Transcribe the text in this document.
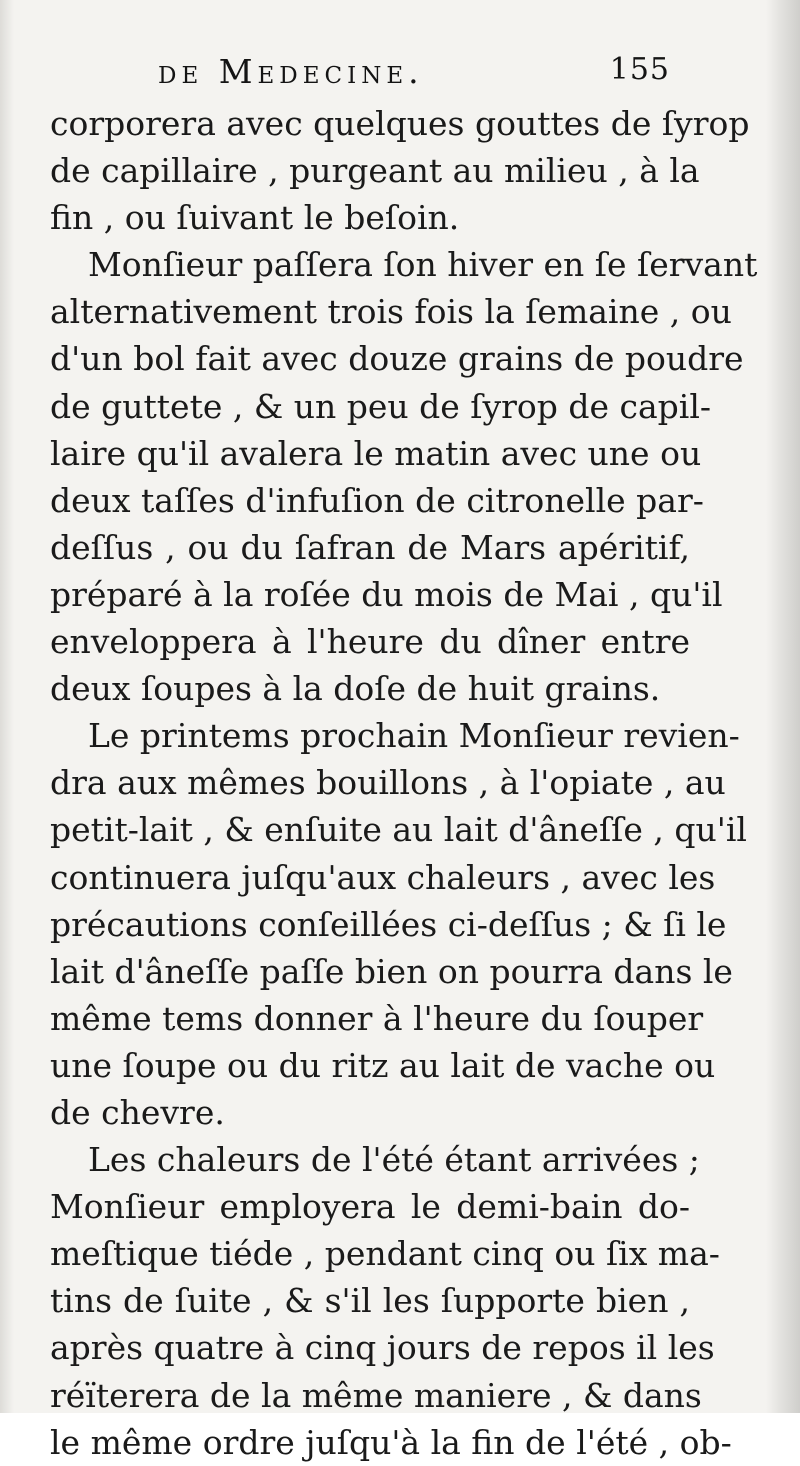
de Medecine.	155
corporera avec quelques gouttes de ſyrop
de capillaire , purgeant au milieu , à la
fin , ou ſuivant le beſoin.
Monſieur paſſera ſon hiver en ſe ſervant
alternativement trois fois la ſemaine , ou
d'un bol fait avec douze grains de poudre
de guttete , & un peu de ſyrop de capil-
laire qu'il avalera le matin avec une ou
deux taſſes d'infuſion de citronelle par-
deſſus , ou du ſafran de Mars apéritif,
préparé à la roſée du mois de Mai , qu'il
enveloppera à l'heure du dîner entre
deux ſoupes à la doſe de huit grains.
Le printems prochain Monſieur revien-
dra aux mêmes bouillons , à l'opiate , au
petit-lait , & enſuite au lait d'âneſſe , qu'il
continuera juſqu'aux chaleurs , avec les
précautions conſeillées ci-deſſus ; & ſi le
lait d'âneſſe paſſe bien on pourra dans le
même tems donner à l'heure du ſouper
une ſoupe ou du ritz au lait de vache ou
de chevre.
Les chaleurs de l'été étant arrivées ;
Monſieur employera le demi-bain do-
meſtique tiéde , pendant cinq ou ſix ma-
tins de ſuite , & s'il les ſupporte bien ,
après quatre à cinq jours de repos il les
réïterera de la même maniere , & dans
le même ordre juſqu'à la fin de l'été , ob-
